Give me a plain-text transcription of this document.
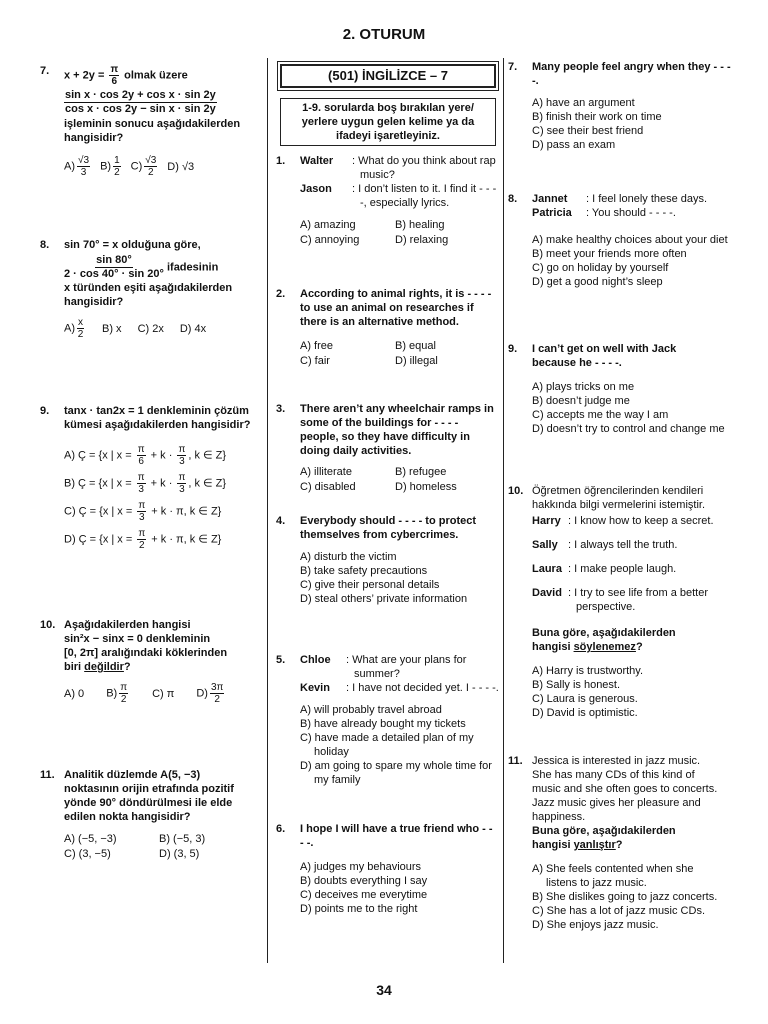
2. OTURUM
7. $x + 2y = \frac{\pi}{6}$ olmak üzere
$\frac{\text{sin x · cos 2y + cos x · sin 2y}}{\text{cos x · cos 2y − sin x · sin 2y}}$
işleminin sonucu aşağıdakilerden hangisidir?
$A) \frac{√3}{3} B) \frac{1}{2} C) \frac{√3}{2} D$) √3
8. sin 70° = x olduğuna göre,
$\frac{\sin 80^\circ}{2 \cdot \cos 40^\circ \cdot \sin 20^\circ}$ ifadesinin
x türünden eşiti aşağıdakilerden hangisidir?
$A) \frac{x}{2} B$) x C) 2x D) 4x
9. tanx · tan2x = 1 denkleminin çözüm kümesi aşağıdakilerden hangisidir?
A) Ç = {x | $x = \frac{\pi}{6} + k \cdot \frac{\pi}{3}$ , k ∈ Z}
B) Ç = {x | $x = \frac{\pi}{3} + k \cdot \frac{\pi}{3}$ , k ∈ Z}
C) Ç = {x | $x = \frac{\pi}{3} + k \cdot \pi$, k ∈ Z}
D) Ç = {x | $x = \frac{\pi}{2} + k \cdot \pi$, k ∈ Z}
10. Aşağıdakilerden hangisi
sin²x − sinx = 0 denkleminin
[0, 2π] aralığındaki köklerinden
biri değildir?
A) 0 $B) \frac{\pi}{2} C$) π $D) \frac{3\pi}{2}$
11. Analitik düzlemde A(5, −3) noktasının orijin etrafında pozitif yönde 90° döndürülmesi ile elde edilen nokta hangisidir?
A) (−5, −3)	B) (−5, 3)
C) (3, −5)	D) (3, 5)
(501) İNGİLİZCE – 7
1-9. sorularda boş bırakılan yere/ yerlere uygun gelen kelime ya da ifadeyi işaretleyiniz.
1. Walter	: What do you think about rap music?
Jason	: I don’t listen to it. I find it - - - -, especially lyrics.
A) amazing	B) healing
C) annoying	D) relaxing
2. According to animal rights, it is - - - - to use an animal on researches if there is an alternative method.
A) free	B) equal
C) fair	D) illegal
3. There aren’t any wheelchair ramps in some of the buildings for - - - - people, so they have difficulty in doing daily activities.
A) illiterate	B) refugee
C) disabled	D) homeless
4. Everybody should - - - - to protect themselves from cybercrimes.
A) disturb the victim
B) take safety precautions
C) give their personal details
D) steal others’ private information
5. Chloe	: What are your plans for summer?
Kevin	: I have not decided yet. I - - - -.
A) will probably travel abroad
B) have already bought my tickets
C) have made a detailed plan of my holiday
D) am going to spare my whole time for my family
6. I hope I will have a true friend who - - - -.
A) judges my behaviours
B) doubts everything I say
C) deceives me everytime
D) points me to the right
7. Many people feel angry when they - - - -.
A) have an argument
B) finish their work on time
C) see their best friend
D) pass an exam
8. Jannet	: I feel lonely these days.
Patricia	: You should - - - -.
A) make healthy choices about your diet
B) meet your friends more often
C) go on holiday by yourself
D) get a good night’s sleep
9. I can’t get on well with Jack because he - - - -.
A) plays tricks on me
B) doesn’t judge me
C) accepts me the way I am
D) doesn’t try to control and change me
10. Öğretmen öğrencilerinden kendileri hakkında bilgi vermelerini istemiştir.
Harry : I know how to keep a secret.
Sally : I always tell the truth.
Laura : I make people laugh.
David : I try to see life from a better perspective.
Buna göre, aşağıdakilerden hangisi söylenemez?
A) Harry is trustworthy.
B) Sally is honest.
C) Laura is generous.
D) David is optimistic.
11. Jessica is interested in jazz music. She has many CDs of this kind of music and she often goes to concerts. Jazz music gives her pleasure and happiness.
Buna göre, aşağıdakilerden hangisi yanlıştır?
A) She feels contented when she listens to jazz music.
B) She dislikes going to jazz concerts.
C) She has a lot of jazz music CDs.
D) She enjoys jazz music.
34
